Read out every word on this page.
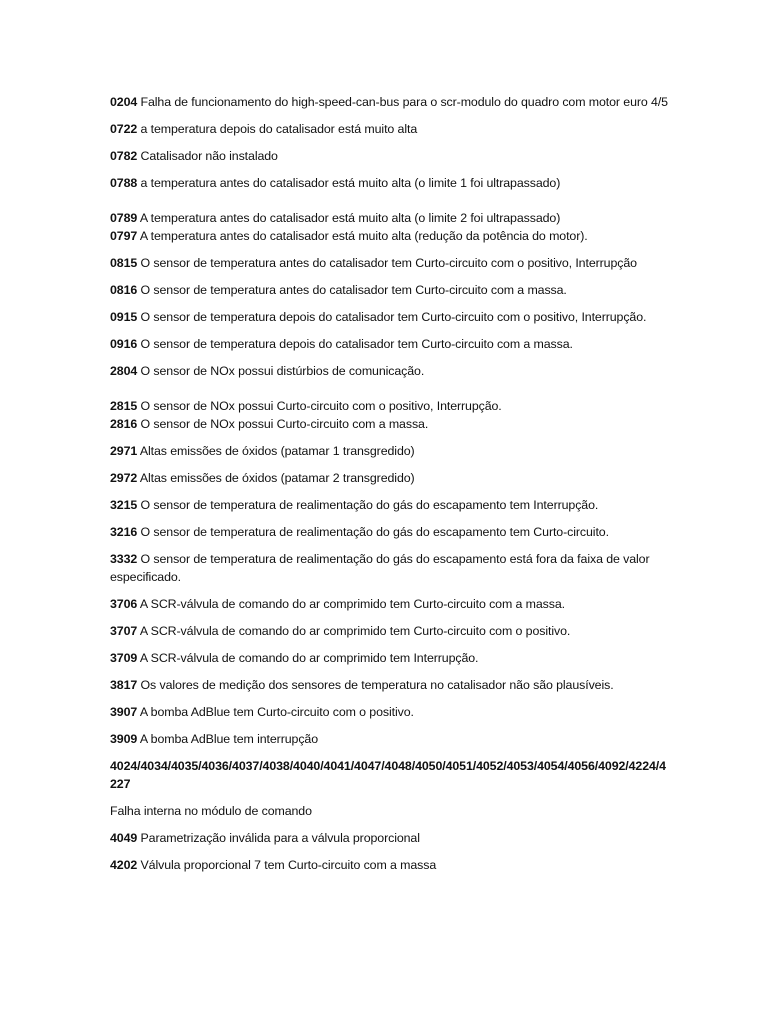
0204 Falha de funcionamento do high-speed-can-bus para o scr-modulo do quadro com motor euro 4/5

0722 a temperatura depois do catalisador está muito alta

0782 Catalisador não instalado

0788 a temperatura antes do catalisador está muito alta (o limite 1 foi ultrapassado)

0789 A temperatura antes do catalisador está muito alta (o limite 2 foi ultrapassado)

0797 A temperatura antes do catalisador está muito alta (redução da potência do motor).

0815 O sensor de temperatura antes do catalisador tem Curto-circuito com o positivo, Interrupção

0816 O sensor de temperatura antes do catalisador tem Curto-circuito com a massa.

0915 O sensor de temperatura depois do catalisador tem Curto-circuito com o positivo, Interrupção.

0916 O sensor de temperatura depois do catalisador tem Curto-circuito com a massa.

2804 O sensor de NOx possui distúrbios de comunicação.

2815 O sensor de NOx possui Curto-circuito com o positivo, Interrupção.

2816 O sensor de NOx possui Curto-circuito com a massa.

2971 Altas emissões de óxidos (patamar 1 transgredido)

2972 Altas emissões de óxidos (patamar 2 transgredido)

3215 O sensor de temperatura de realimentação do gás do escapamento tem Interrupção.

3216 O sensor de temperatura de realimentação do gás do escapamento tem Curto-circuito.

3332 O sensor de temperatura de realimentação do gás do escapamento está fora da faixa de valor especificado.

3706 A SCR-válvula de comando do ar comprimido tem Curto-circuito com a massa.

3707 A SCR-válvula de comando do ar comprimido tem Curto-circuito com o positivo.

3709 A SCR-válvula de comando do ar comprimido tem Interrupção.

3817 Os valores de medição dos sensores de temperatura no catalisador não são plausíveis.

3907 A bomba AdBlue tem Curto-circuito com o positivo.

3909 A bomba AdBlue tem interrupção

4024/4034/4035/4036/4037/4038/4040/4041/4047/4048/4050/4051/4052/4053/4054/4056/4092/4224/4227

Falha interna no módulo de comando

4049 Parametrização inválida para a válvula proporcional

4202 Válvula proporcional 7 tem Curto-circuito com a massa
